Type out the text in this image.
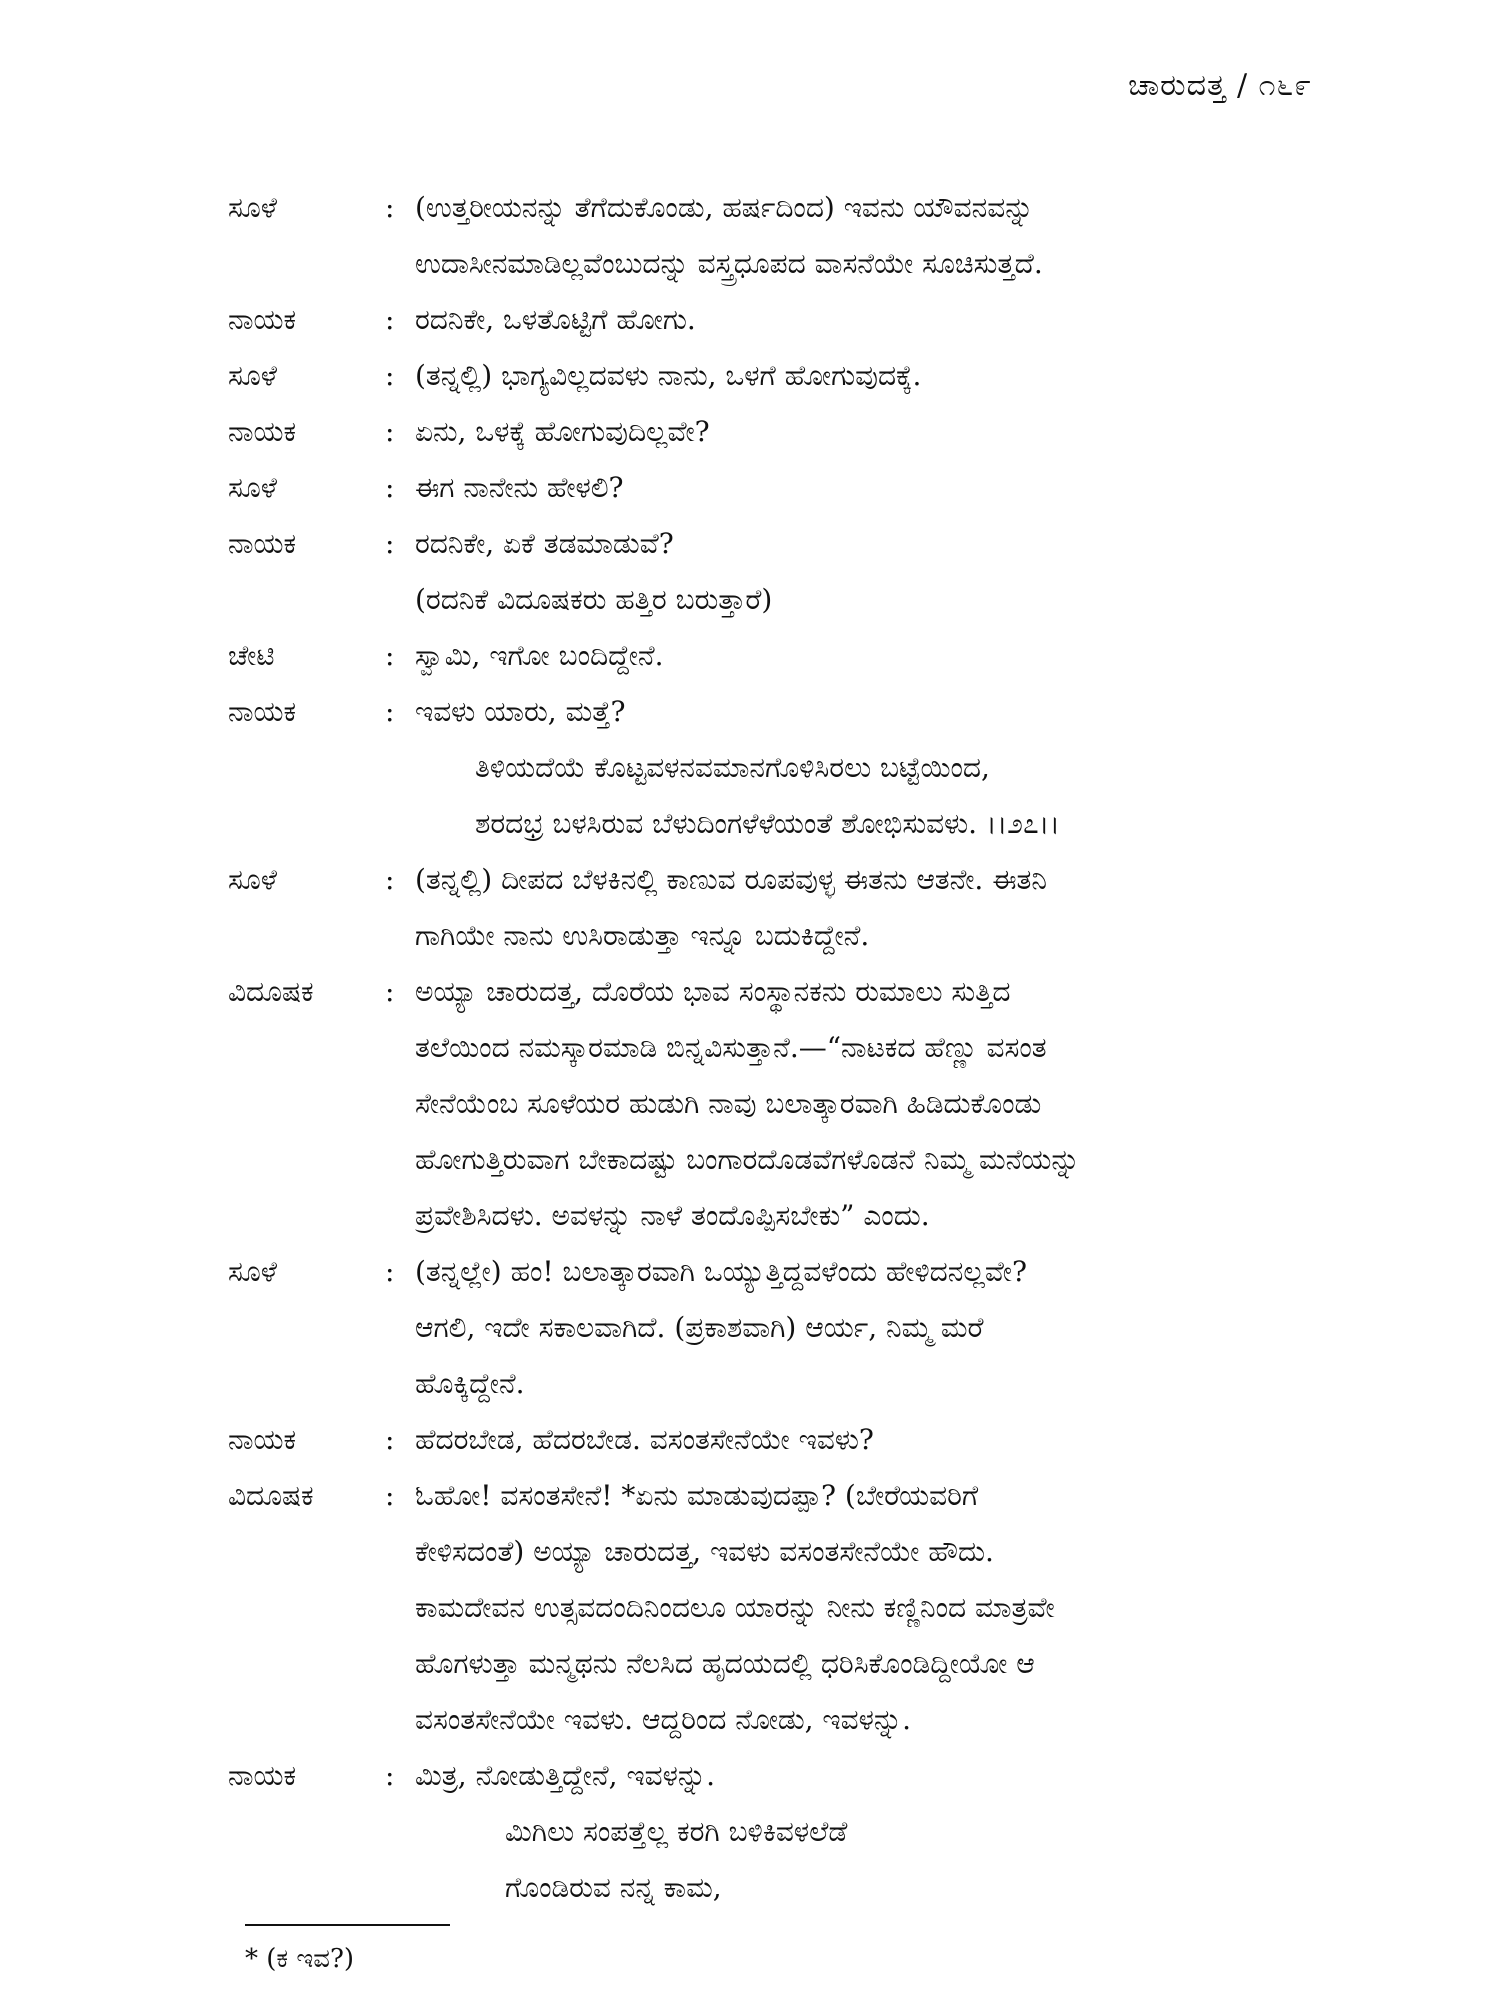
ಚಾರುದತ್ತ / ೧೬೯
ಸೂಳೆ	: (ಉತ್ತರೀಯನನ್ನು ತೆಗೆದುಕೊಂಡು, ಹರ್ಷದಿಂದ) ಇವನು ಯೌವನವನ್ನು
ಉದಾಸೀನಮಾಡಿಲ್ಲವೆಂಬುದನ್ನು ವಸ್ತ್ರಧೂಪದ ವಾಸನೆಯೇ ಸೂಚಿಸುತ್ತದೆ.
ನಾಯಕ	: ರದನಿಕೇ, ಒಳತೊಟ್ಟಿಗೆ ಹೋಗು.
ಸೂಳೆ	: (ತನ್ನಲ್ಲಿ) ಭಾಗ್ಯವಿಲ್ಲದವಳು ನಾನು, ಒಳಗೆ ಹೋಗುವುದಕ್ಕೆ.
ನಾಯಕ	: ಏನು, ಒಳಕ್ಕೆ ಹೋಗುವುದಿಲ್ಲವೇ?
ಸೂಳೆ	: ಈಗ ನಾನೇನು ಹೇಳಲಿ?
ನಾಯಕ	: ರದನಿಕೇ, ಏಕೆ ತಡಮಾಡುವೆ?
(ರದನಿಕೆ ವಿದೂಷಕರು ಹತ್ತಿರ ಬರುತ್ತಾರೆ)
ಚೇಟಿ	: ಸ್ವಾಮಿ, ಇಗೋ ಬಂದಿದ್ದೇನೆ.
ನಾಯಕ	: ಇವಳು ಯಾರು, ಮತ್ತೆ?
ತಿಳಿಯದೆಯೆ ಕೊಟ್ಟವಳನವಮಾನಗೊಳಿಸಿರಲು ಬಟ್ಟೆಯಿಂದ,
ಶರದಭ್ರ ಬಳಸಿರುವ ಬೆಳುದಿಂಗಳೆಳೆಯಂತೆ ಶೋಭಿಸುವಳು. ।।೨೭।।
ಸೂಳೆ	: (ತನ್ನಲ್ಲಿ) ದೀಪದ ಬೆಳಕಿನಲ್ಲಿ ಕಾಣುವ ರೂಪವುಳ್ಳ ಈತನು ಆತನೇ. ಈತನಿ
ಗಾಗಿಯೇ ನಾನು ಉಸಿರಾಡುತ್ತಾ ಇನ್ನೂ ಬದುಕಿದ್ದೇನೆ.
ವಿದೂಷಕ	: ಅಯ್ಯಾ ಚಾರುದತ್ತ, ದೊರೆಯ ಭಾವ ಸಂಸ್ಥಾನಕನು ರುಮಾಲು ಸುತ್ತಿದ
ತಲೆಯಿಂದ ನಮಸ್ಕಾರಮಾಡಿ ಬಿನ್ನವಿಸುತ್ತಾನೆ.—“ನಾಟಕದ ಹೆಣ್ಣು ವಸಂತ
ಸೇನೆಯೆಂಬ ಸೂಳೆಯರ ಹುಡುಗಿ ನಾವು ಬಲಾತ್ಕಾರವಾಗಿ ಹಿಡಿದುಕೊಂಡು
ಹೋಗುತ್ತಿರುವಾಗ ಬೇಕಾದಷ್ಟು ಬಂಗಾರದೊಡವೆಗಳೊಡನೆ ನಿಮ್ಮ ಮನೆಯನ್ನು
ಪ್ರವೇಶಿಸಿದಳು. ಅವಳನ್ನು ನಾಳೆ ತಂದೊಪ್ಪಿಸಬೇಕು” ಎಂದು.
ಸೂಳೆ	: (ತನ್ನಲ್ಲೇ) ಹಂ! ಬಲಾತ್ಕಾರವಾಗಿ ಒಯ್ಯುತ್ತಿದ್ದವಳೆಂದು ಹೇಳಿದನಲ್ಲವೇ?
ಆಗಲಿ, ಇದೇ ಸಕಾಲವಾಗಿದೆ. (ಪ್ರಕಾಶವಾಗಿ) ಆರ್ಯ, ನಿಮ್ಮ ಮರೆ
ಹೊಕ್ಕಿದ್ದೇನೆ.
ನಾಯಕ	: ಹೆದರಬೇಡ, ಹೆದರಬೇಡ. ವಸಂತಸೇನೆಯೇ ಇವಳು?
ವಿದೂಷಕ	: ಓಹೋ! ವಸಂತಸೇನೆ! *ಏನು ಮಾಡುವುದಪ್ಪಾ? (ಬೇರೆಯವರಿಗೆ
ಕೇಳಿಸದಂತೆ) ಅಯ್ಯಾ ಚಾರುದತ್ತ, ಇವಳು ವಸಂತಸೇನೆಯೇ ಹೌದು.
ಕಾಮದೇವನ ಉತ್ಸವದಂದಿನಿಂದಲೂ ಯಾರನ್ನು ನೀನು ಕಣ್ಣಿನಿಂದ ಮಾತ್ರವೇ
ಹೊಗಳುತ್ತಾ ಮನ್ಮಥನು ನೆಲಸಿದ ಹೃದಯದಲ್ಲಿ ಧರಿಸಿಕೊಂಡಿದ್ದೀಯೋ ಆ
ವಸಂತಸೇನೆಯೇ ಇವಳು. ಆದ್ದರಿಂದ ನೋಡು, ಇವಳನ್ನು.
ನಾಯಕ	: ಮಿತ್ರ, ನೋಡುತ್ತಿದ್ದೇನೆ, ಇವಳನ್ನು.
ಮಿಗಿಲು ಸಂಪತ್ತೆಲ್ಲ ಕರಗಿ ಬಳಿಕಿವಳಲೆಡೆ
ಗೊಂಡಿರುವ ನನ್ನ ಕಾಮ,
* (ಕ ಇವ?)
